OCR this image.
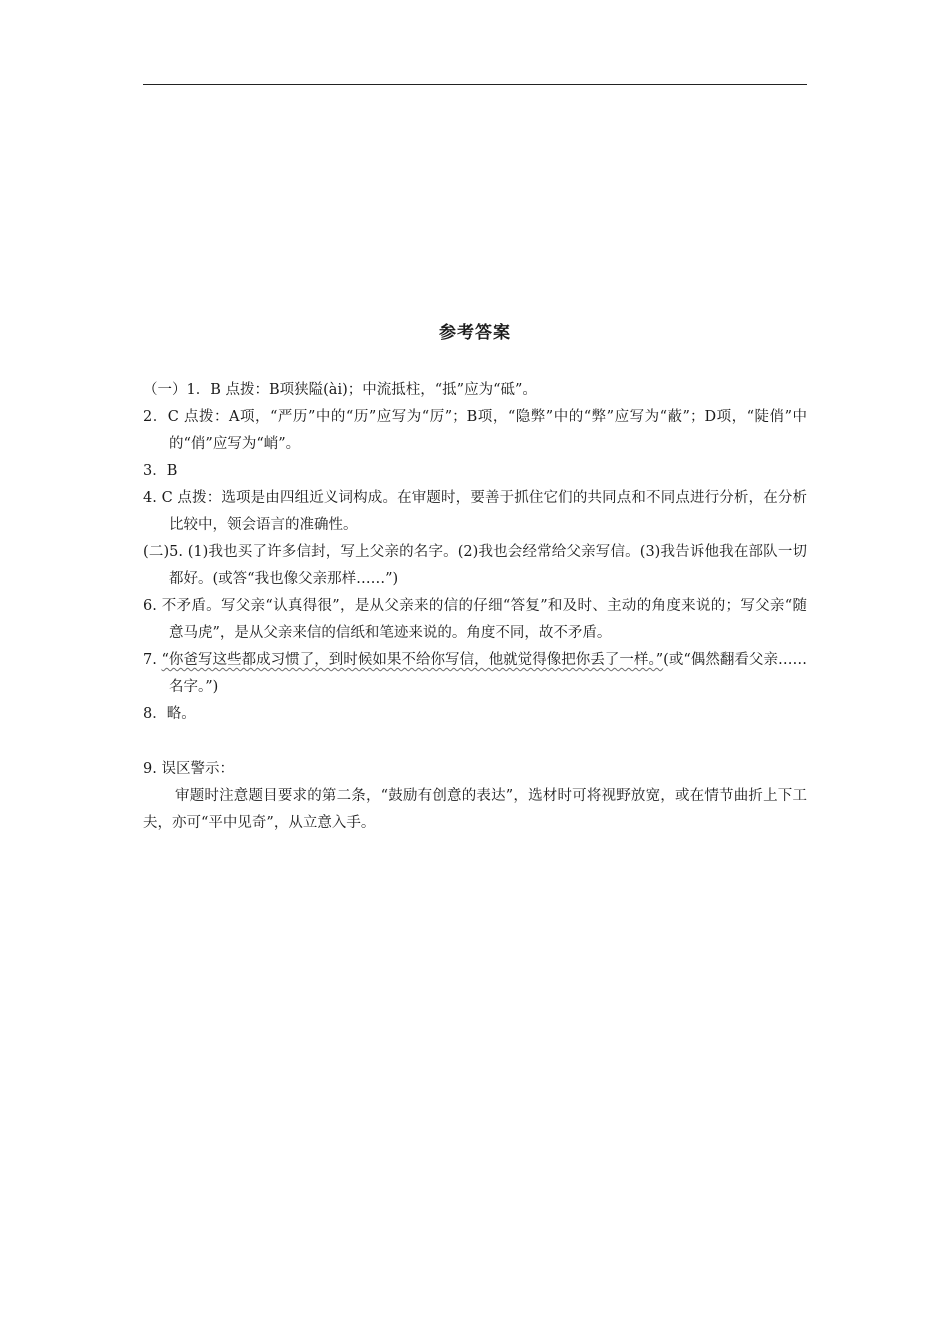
参考答案

（一）1．B 点拨：B项狭隘(ài)；中流抵柱，“抵”应为“砥”。

2．C 点拨：A项，“严历”中的“历”应写为“厉”；B项，“隐弊”中的“弊”应写为“蔽”；D项，“陡俏”中的“俏”应写为“峭”。

3．B

4. C 点拨：选项是由四组近义词构成。在审题时，要善于抓住它们的共同点和不同点进行分析，在分析比较中，领会语言的准确性。

(二)5. (1)我也买了许多信封，写上父亲的名字。(2)我也会经常给父亲写信。(3)我告诉他我在部队一切都好。(或答“我也像父亲那样……”)

6. 不矛盾。写父亲“认真得很”，是从父亲来的信的仔细“答复”和及时、主动的角度来说的；写父亲“随意马虎”，是从父亲来信的信纸和笔迹来说的。角度不同，故不矛盾。

7. “你爸写这些都成习惯了，到时候如果不给你写信，他就觉得像把你丢了一样。”(或“偶然翻看父亲……名字。”)

8．略。

9. 误区警示：

审题时注意题目要求的第二条，“鼓励有创意的表达”，选材时可将视野放宽，或在情节曲折上下工夫，亦可“平中见奇”，从立意入手。
